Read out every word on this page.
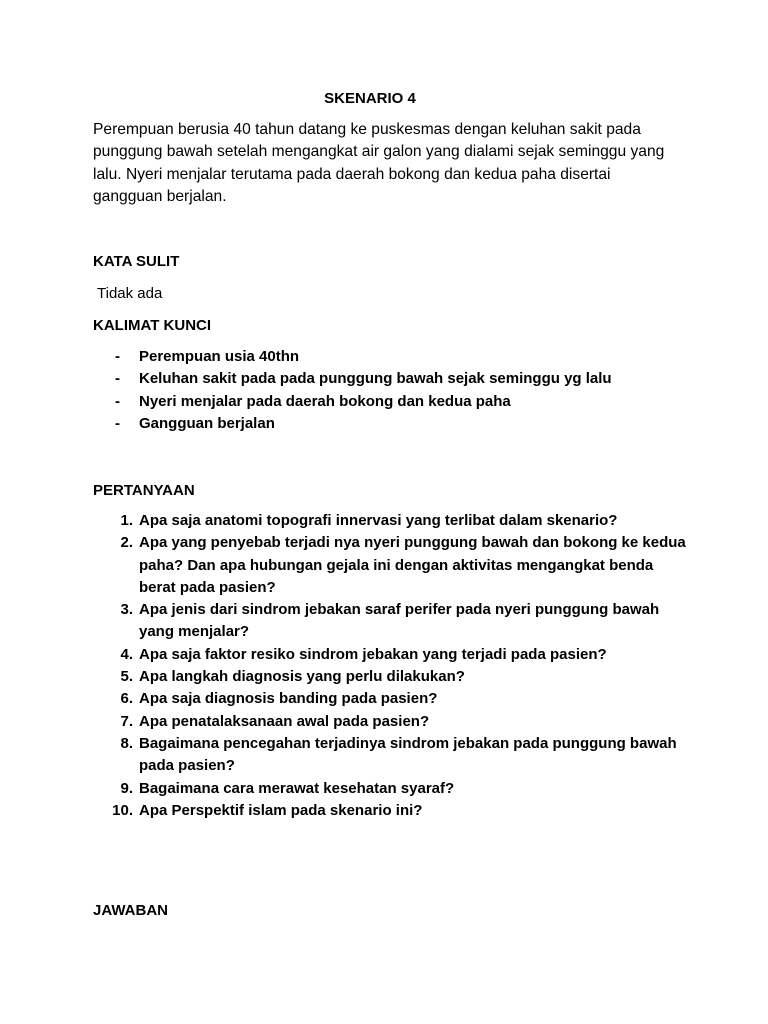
SKENARIO 4
Perempuan berusia 40 tahun datang ke puskesmas dengan keluhan sakit pada punggung bawah setelah mengangkat air galon yang dialami sejak seminggu yang lalu. Nyeri menjalar terutama pada daerah bokong dan kedua paha disertai gangguan berjalan.
KATA SULIT
Tidak ada
KALIMAT KUNCI
-	Perempuan usia 40thn
-	Keluhan sakit pada pada punggung bawah sejak seminggu yg lalu
-	Nyeri menjalar pada daerah bokong dan kedua paha
-	Gangguan berjalan
PERTANYAAN
1. Apa saja anatomi topografi innervasi yang terlibat dalam skenario?
2. Apa yang penyebab terjadi nya nyeri punggung bawah dan bokong ke kedua paha? Dan apa hubungan gejala ini dengan aktivitas mengangkat benda berat pada pasien?
3. Apa jenis dari sindrom jebakan saraf perifer pada nyeri punggung bawah yang menjalar?
4. Apa saja faktor resiko sindrom jebakan yang terjadi pada pasien?
5. Apa langkah diagnosis yang perlu dilakukan?
6. Apa saja diagnosis banding pada pasien?
7. Apa penatalaksanaan awal pada pasien?
8. Bagaimana pencegahan terjadinya sindrom jebakan pada punggung bawah pada pasien?
9. Bagaimana cara merawat kesehatan syaraf?
10. Apa Perspektif islam pada skenario ini?
JAWABAN
